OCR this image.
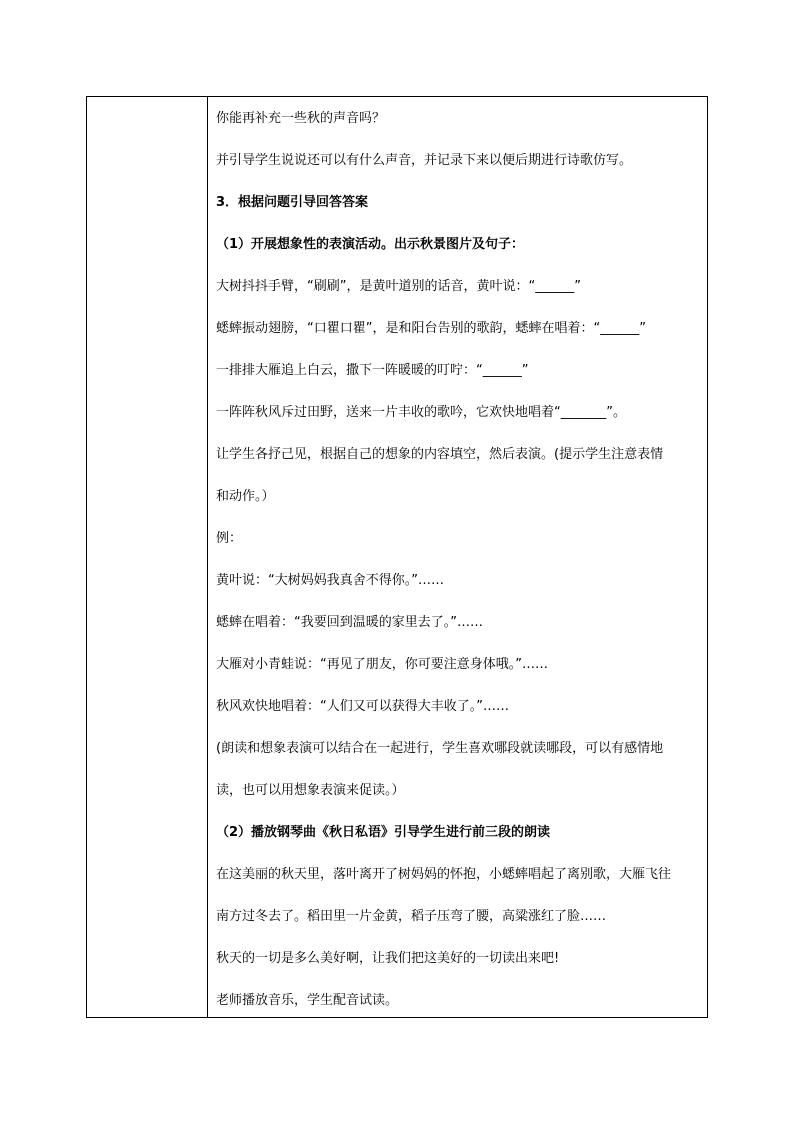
你能再补充一些秋的声音吗？
并引导学生说说还可以有什么声音，并记录下来以便后期进行诗歌仿写。
3．根据问题引导回答答案
（1）开展想象性的表演活动。出示秋景图片及句子：
大树抖抖手臂，“刷刷”，是黄叶道别的话音，黄叶说：“______”
蟋蟀振动翅膀，“口瞿口瞿”，是和阳台告别的歌韵，蟋蟀在唱着：“______”
一排排大雁追上白云，撒下一阵暖暖的叮咛：“______”
一阵阵秋风斥过田野，送来一片丰收的歌吟，它欢快地唱着“_______”。
让学生各抒己见，根据自己的想象的内容填空，然后表演。(提示学生注意表情
和动作。）
例：
黄叶说：“大树妈妈我真舍不得你。”……
蟋蟀在唱着：“我要回到温暖的家里去了。”……
大雁对小青蛙说：“再见了朋友，你可要注意身体哦。”……
秋风欢快地唱着：“人们又可以获得大丰收了。”……
(朗读和想象表演可以结合在一起进行，学生喜欢哪段就读哪段，可以有感情地
读，也可以用想象表演来促读。）
（2）播放钢琴曲《秋日私语》引导学生进行前三段的朗读
在这美丽的秋天里，落叶离开了树妈妈的怀抱，小蟋蟀唱起了离别歌，大雁飞往
南方过冬去了。稻田里一片金黄，稻子压弯了腰，高粱涨红了脸……
秋天的一切是多么美好啊，让我们把这美好的一切读出来吧!
老师播放音乐，学生配音试读。
